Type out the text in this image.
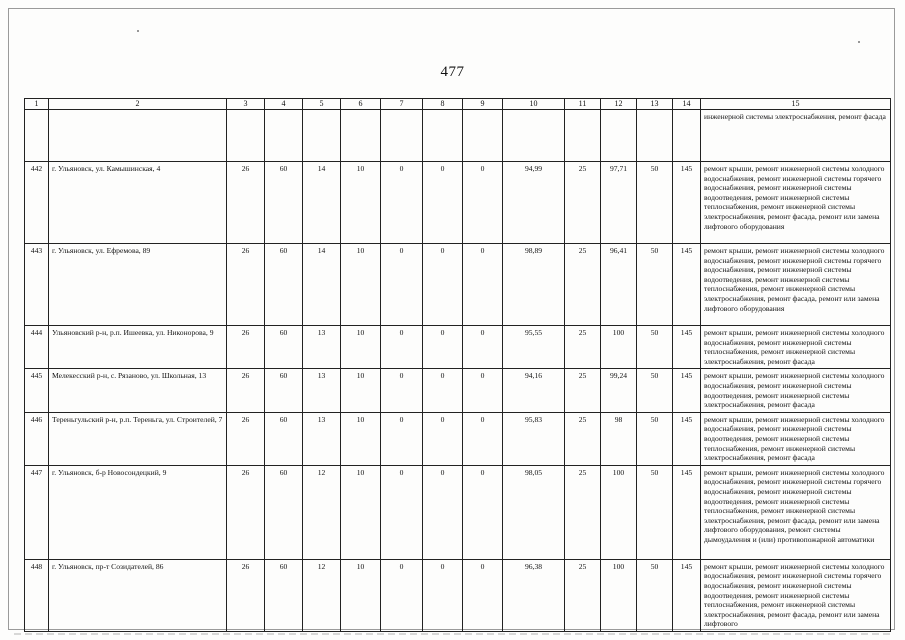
477
1	2	3	4	5	6	7	8	9	10	11	12	13	14	15
														инженерной системы электроснабжения, ремонт фасада
442	г. Ульяновск, ул. Камышинская, 4	26	60	14	10	0	0	0	94,99	25	97,71	50	145	ремонт крыши, ремонт инженерной системы холодного водоснабжения, ремонт инженерной системы горячего водоснабжения, ремонт инженерной системы водоотведения, ремонт инженерной системы теплоснабжения, ремонт инженерной системы электроснабжения, ремонт фасада, ремонт или замена лифтового оборудования
443	г. Ульяновск, ул. Ефремова, 89	26	60	14	10	0	0	0	98,89	25	96,41	50	145	ремонт крыши, ремонт инженерной системы холодного водоснабжения, ремонт инженерной системы горячего водоснабжения, ремонт инженерной системы водоотведения, ремонт инженерной системы теплоснабжения, ремонт инженерной системы электроснабжения, ремонт фасада, ремонт или замена лифтового оборудования
444	Ульяновский р-н, р.п. Ишеевка, ул. Никонорова, 9	26	60	13	10	0	0	0	95,55	25	100	50	145	ремонт крыши, ремонт инженерной системы холодного водоснабжения, ремонт инженерной системы теплоснабжения, ремонт инженерной системы электроснабжения, ремонт фасада
445	Мелекесский р-н, с. Рязаново, ул. Школьная, 13	26	60	13	10	0	0	0	94,16	25	99,24	50	145	ремонт крыши, ремонт инженерной системы холодного водоснабжения, ремонт инженерной системы водоотведения, ремонт инженерной системы электроснабжения, ремонт фасада
446	Тереньгульский р-н, р.п. Тереньга, ул. Строителей, 7	26	60	13	10	0	0	0	95,83	25	98	50	145	ремонт крыши, ремонт инженерной системы холодного водоснабжения, ремонт инженерной системы водоотведения, ремонт инженерной системы теплоснабжения, ремонт инженерной системы электроснабжения, ремонт фасада
447	г. Ульяновск, б-р Новосондецкий, 9	26	60	12	10	0	0	0	98,05	25	100	50	145	ремонт крыши, ремонт инженерной системы холодного водоснабжения, ремонт инженерной системы горячего водоснабжения, ремонт инженерной системы водоотведения, ремонт инженерной системы теплоснабжения, ремонт инженерной системы электроснабжения, ремонт фасада, ремонт или замена лифтового оборудования, ремонт системы дымоудаления и (или) противопожарной автоматики
448	г. Ульяновск, пр-т Созидателей, 86	26	60	12	10	0	0	0	96,38	25	100	50	145	ремонт крыши, ремонт инженерной системы холодного водоснабжения, ремонт инженерной системы горячего водоснабжения, ремонт инженерной системы водоотведения, ремонт инженерной системы теплоснабжения, ремонт инженерной системы электроснабжения, ремонт фасада, ремонт или замена лифтового
